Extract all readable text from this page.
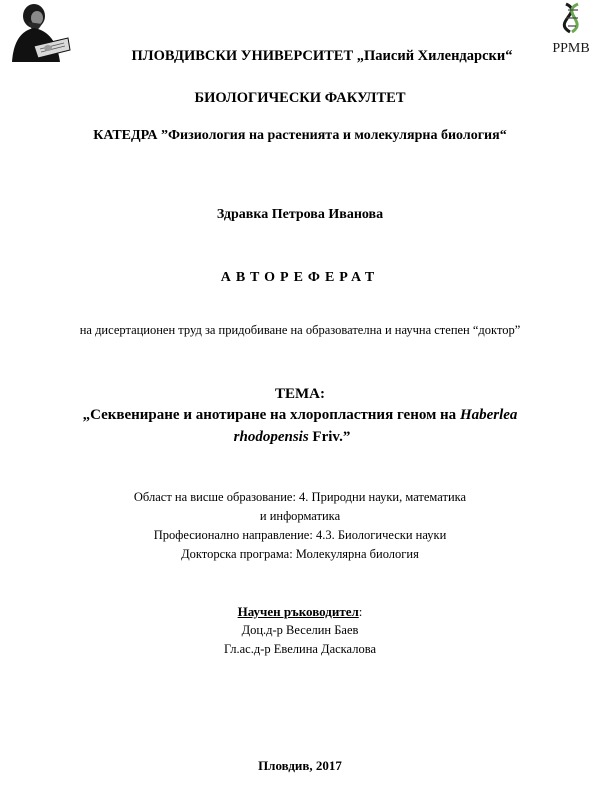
PPMB
ПЛОВДИВСКИ УНИВЕРСИТЕТ „Паисий Хилендарски“
БИОЛОГИЧЕСКИ ФАКУЛТЕТ
КАТЕДРА ”Физиология на растенията и молекулярна биология“
Здравка Петрова Иванова
АВТОРЕФЕРАТ
на дисертационен труд за придобиване на образователна и научна степен “доктор”
ТЕМА:
„Секвениране и анотиране на хлоропластния геном на Haberlea
rhodopensis Friv.”
Област на висше образование: 4. Природни науки, математика
и информатика
Професионално направление: 4.3. Биологически науки
Докторска програма: Молекулярна биология
Научен ръководител:
Доц.д-р Веселин Баев
Гл.ас.д-р Евелина Даскалова
Пловдив, 2017
